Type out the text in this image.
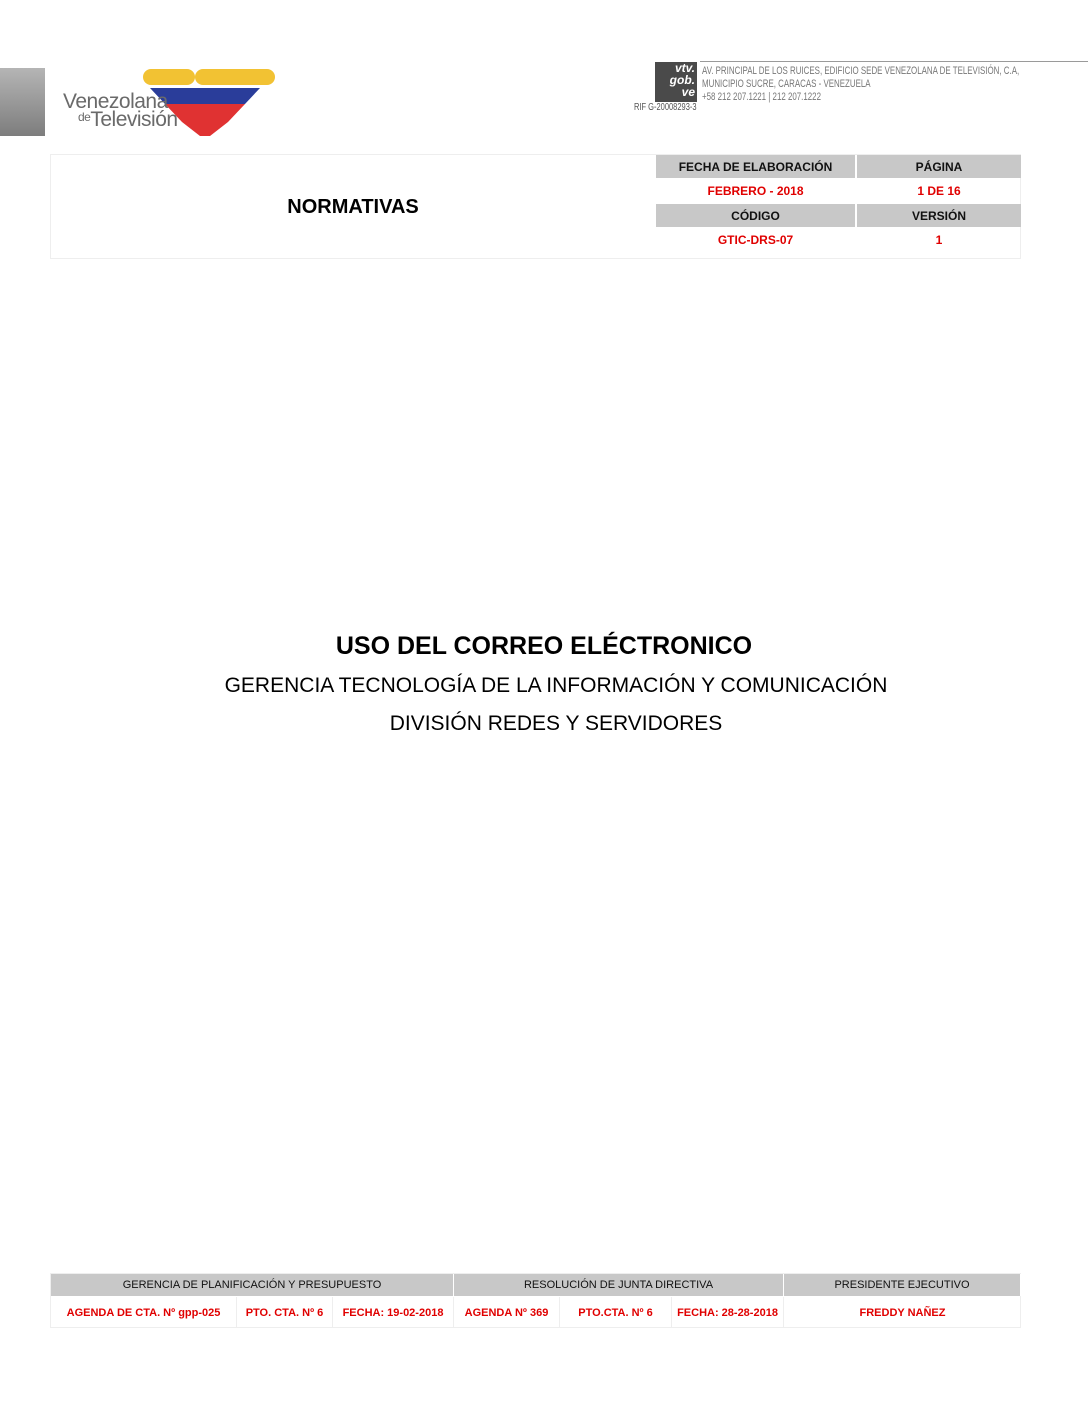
Venezolana
$^{de}$Televisión
vtv.
gob.
ve
RIF G-20008293-3
AV. PRINCIPAL DE LOS RUICES, EDIFICIO SEDE VENEZOLANA DE TELEVISIÓN, C.A,
MUNICIPIO SUCRE, CARACAS - VENEZUELA
+58 212 207.1221 | 212 207.1222
NORMATIVAS
FECHA DE ELABORACIÓN	PÁGINA
FEBRERO - 2018	1 DE 16
CÓDIGO	VERSIÓN
GTIC-DRS-07	1
USO DEL CORREO ELÉCTRONICO
GERENCIA TECNOLOGÍA DE LA INFORMACIÓN Y COMUNICACIÓN
DIVISIÓN REDES Y SERVIDORES
GERENCIA DE PLANIFICACIÓN Y PRESUPUESTO	RESOLUCIÓN DE JUNTA DIRECTIVA	PRESIDENTE EJECUTIVO
AGENDA DE CTA. Nº gpp-025	PTO. CTA. Nº 6	FECHA: 19-02-2018	AGENDA Nº 369	PTO.CTA. Nº 6	FECHA: 28-28-2018	FREDDY NAÑEZ
